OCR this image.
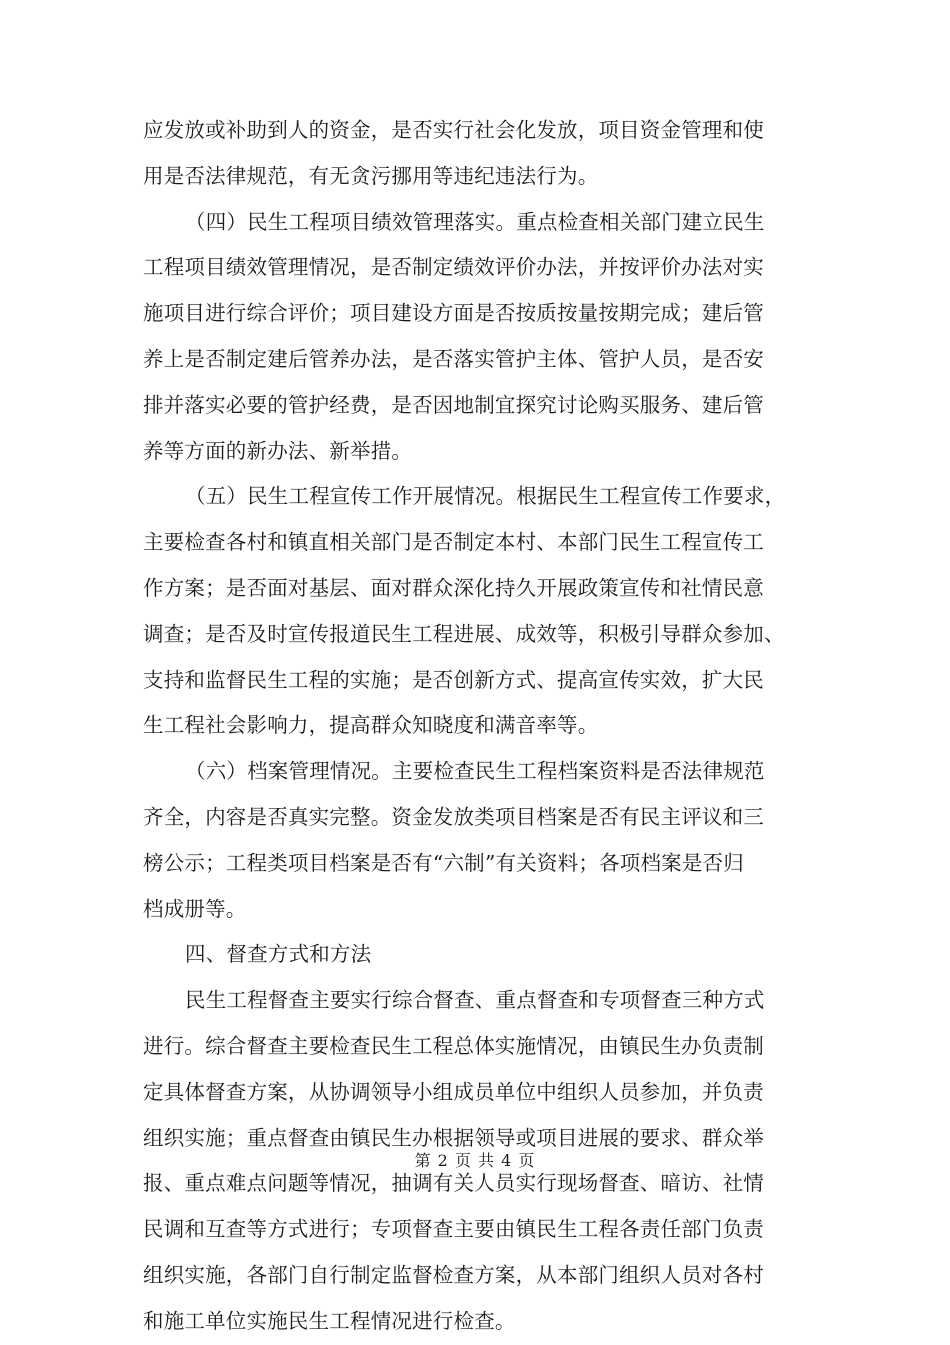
应发放或补助到人的资金，是否实行社会化发放，项目资金管理和使
用是否法律规范，有无贪污挪用等违纪违法行为。
（四）民生工程项目绩效管理落实。重点检查相关部门建立民生
工程项目绩效管理情况，是否制定绩效评价办法，并按评价办法对实
施项目进行综合评价；项目建设方面是否按质按量按期完成；建后管
养上是否制定建后管养办法，是否落实管护主体、管护人员，是否安
排并落实必要的管护经费，是否因地制宜探究讨论购买服务、建后管
养等方面的新办法、新举措。
（五）民生工程宣传工作开展情况。根据民生工程宣传工作要求，
主要检查各村和镇直相关部门是否制定本村、本部门民生工程宣传工
作方案；是否面对基层、面对群众深化持久开展政策宣传和社情民意
调查；是否及时宣传报道民生工程进展、成效等，积极引导群众参加、
支持和监督民生工程的实施；是否创新方式、提高宣传实效，扩大民
生工程社会影响力，提高群众知晓度和满音率等。
（六）档案管理情况。主要检查民生工程档案资料是否法律规范
齐全，内容是否真实完整。资金发放类项目档案是否有民主评议和三
榜公示；工程类项目档案是否有“六制”有关资料；各项档案是否归
档成册等。
四、督查方式和方法
民生工程督查主要实行综合督查、重点督查和专项督查三种方式
进行。综合督查主要检查民生工程总体实施情况，由镇民生办负责制
定具体督查方案，从协调领导小组成员单位中组织人员参加，并负责
组织实施；重点督查由镇民生办根据领导或项目进展的要求、群众举
报、重点难点问题等情况，抽调有关人员实行现场督查、暗访、社情
民调和互查等方式进行；专项督查主要由镇民生工程各责任部门负责
组织实施，各部门自行制定监督检查方案，从本部门组织人员对各村
和施工单位实施民生工程情况进行检查。
第 2 页 共 4 页
